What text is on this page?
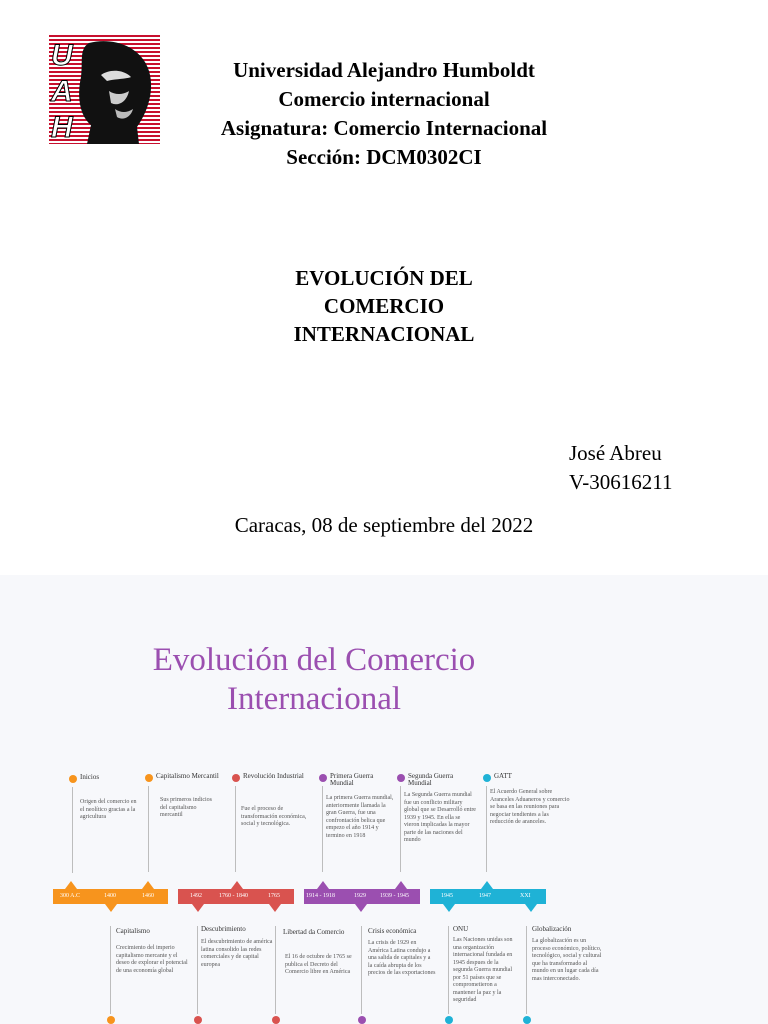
U
A
H
Universidad Alejandro Humboldt
Comercio internacional
Asignatura: Comercio Internacional
Sección: DCM0302CI
EVOLUCIÓN DEL
COMERCIO
INTERNACIONAL
José Abreu
V-30616211
Caracas, 08 de septiembre del 2022
Evolución del Comercio
Internacional
Inicios
Origen del comercio en el neolítico gracias a la agricultura
Capitalismo Mercantil
Sus primeros indicios del capitalismo mercantil
Revolución Industrial
Fue el proceso de transformación económica, social y tecnológica.
Primera Guerra Mundial
La primera Guerra mundial, anteriormente llamada la gran Guerra, fue una confrontación belica que empezo el año 1914 y termino en 1918
Segunda Guerra Mundial
La Segunda Guerra mundial fue un conflicto military global que se Desarrolló entre 1939 y 1945. En ella se vieron implicadas la mayor parte de las naciones del mundo
GATT
El Acuerdo General sobre Aranceles Aduaneros y comercio se basa en las reuniones para negociar tendientes a las reducción de aranceles.
300 A.C	1400	1460	1492	1760 - 1840	1765	1914 - 1918	1929 1939 - 1945	1945	1947	XXI
Capitalismo
Crecimiento del imperio capitalismo mercante y el deseo de explorar el potencial de una economía global
Descubrimiento
El descubrimiento de américa latina consolido las redes comerciales y de capital europea
Libertad da Comercio
El 16 de octubre de 1765 se publica el Decreto del Comercio libre en América
Crisis económica
La crisis de 1929 en América Latina condujo a una salida de capitales y a la caída abrupta de los precios de las exportaciones
ONU
Las Naciones unidas son una organización internacional fundada en 1945 despues de la segunda Guerra mundial por 51 países que se comprometieron a mantener la paz y la seguridad
Globalización
La globalización es un proceso económico, político, tecnológico, social y cultural que ha transformado al mundo en un lugar cada día mas interconectado.
